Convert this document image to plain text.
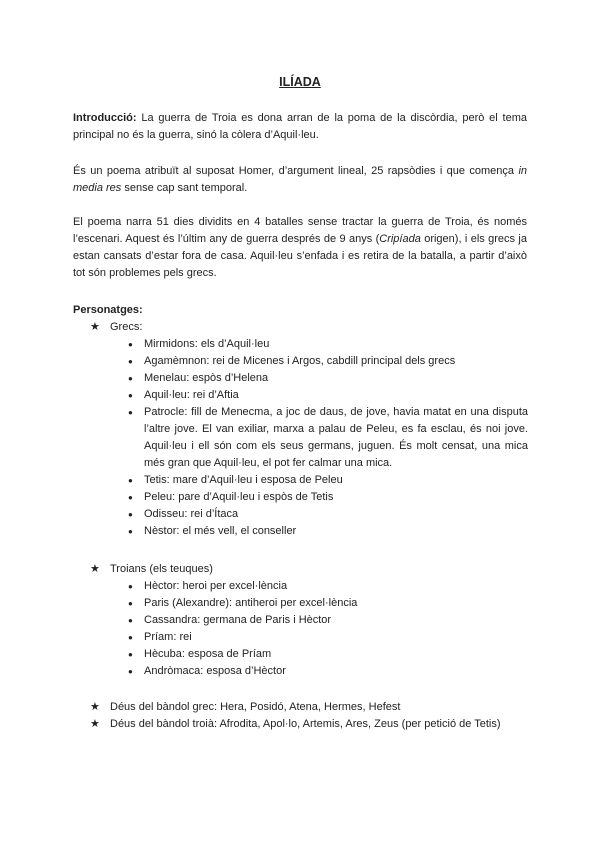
ILÍADA
Introducció: La guerra de Troia es dona arran de la poma de la discòrdia, però el tema principal no és la guerra, sinó la còlera d’Aquil·leu.
És un poema atribuït al suposat Homer, d’argument lineal, 25 rapsòdies i que comença in media res sense cap sant temporal.
El poema narra 51 dies dividits en 4 batalles sense tractar la guerra de Troia, és només l’escenari. Aquest és l’últim any de guerra després de 9 anys (Cripíada origen), i els grecs ja estan cansats d’estar fora de casa. Aquil·leu s’enfada i es retira de la batalla, a partir d’això tot són problemes pels grecs.
Personatges:
★ Grecs:
● Mirmidons: els d’Aquil·leu
● Agamèmnon: rei de Micenes i Argos, cabdill principal dels grecs
● Menelau: espòs d’Helena
● Aquil·leu: rei d’Aftia
● Patrocle: fill de Menecma, a joc de daus, de jove, havia matat en una disputa l’altre jove. El van exiliar, marxa a palau de Peleu, es fa esclau, és noi jove. Aquil·leu i ell són com els seus germans, juguen. És molt censat, una mica més gran que Aquil·leu, el pot fer calmar una mica.
● Tetis: mare d’Aquil·leu i esposa de Peleu
● Peleu: pare d’Aquil·leu i espòs de Tetis
● Odisseu: rei d’Ítaca
● Nèstor: el més vell, el conseller
★ Troians (els teuques)
● Hèctor: heroi per excel·lència
● Paris (Alexandre): antiheroi per excel·lència
● Cassandra: germana de Paris i Hèctor
● Príam: rei
● Hècuba: esposa de Príam
● Andròmaca: esposa d’Hèctor
★ Déus del bàndol grec: Hera, Posidó, Atena, Hermes, Hefest
★ Déus del bàndol troià: Afrodita, Apol·lo, Artemis, Ares, Zeus (per petició de Tetis)
